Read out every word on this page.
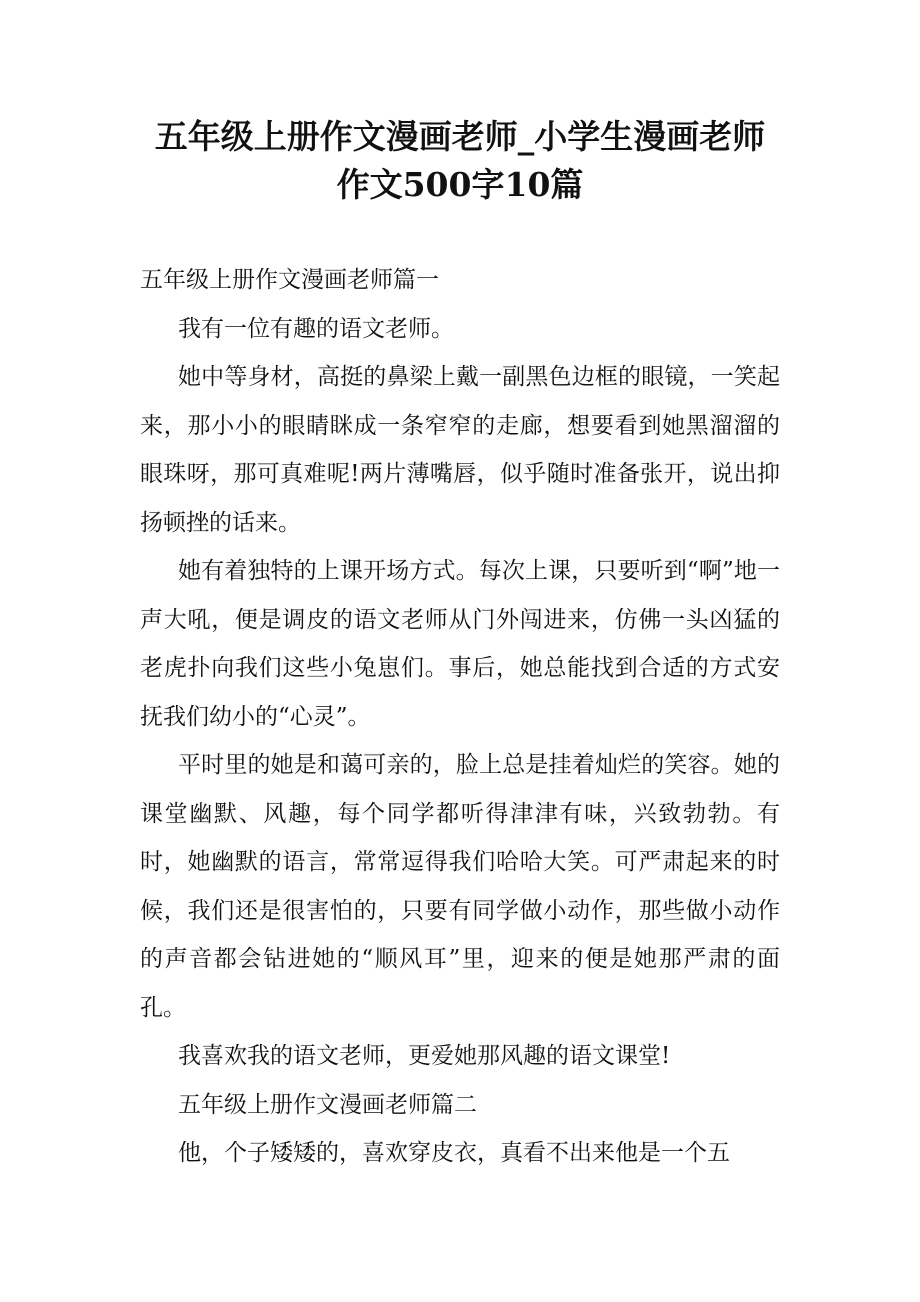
五年级上册作文漫画老师_小学生漫画老师
作文500字10篇

五年级上册作文漫画老师篇一

我有一位有趣的语文老师。

她中等身材，高挺的鼻梁上戴一副黑色边框的眼镜，一笑起来，那小小的眼睛眯成一条窄窄的走廊，想要看到她黑溜溜的眼珠呀，那可真难呢!两片薄嘴唇，似乎随时准备张开，说出抑扬顿挫的话来。

她有着独特的上课开场方式。每次上课，只要听到“啊”地一声大吼，便是调皮的语文老师从门外闯进来，仿佛一头凶猛的老虎扑向我们这些小兔崽们。事后，她总能找到合适的方式安抚我们幼小的“心灵”。

平时里的她是和蔼可亲的，脸上总是挂着灿烂的笑容。她的课堂幽默、风趣，每个同学都听得津津有味，兴致勃勃。有时，她幽默的语言，常常逗得我们哈哈大笑。可严肃起来的时候，我们还是很害怕的，只要有同学做小动作，那些做小动作的声音都会钻进她的“顺风耳”里，迎来的便是她那严肃的面孔。

我喜欢我的语文老师，更爱她那风趣的语文课堂!

五年级上册作文漫画老师篇二

他，个子矮矮的，喜欢穿皮衣，真看不出来他是一个五
